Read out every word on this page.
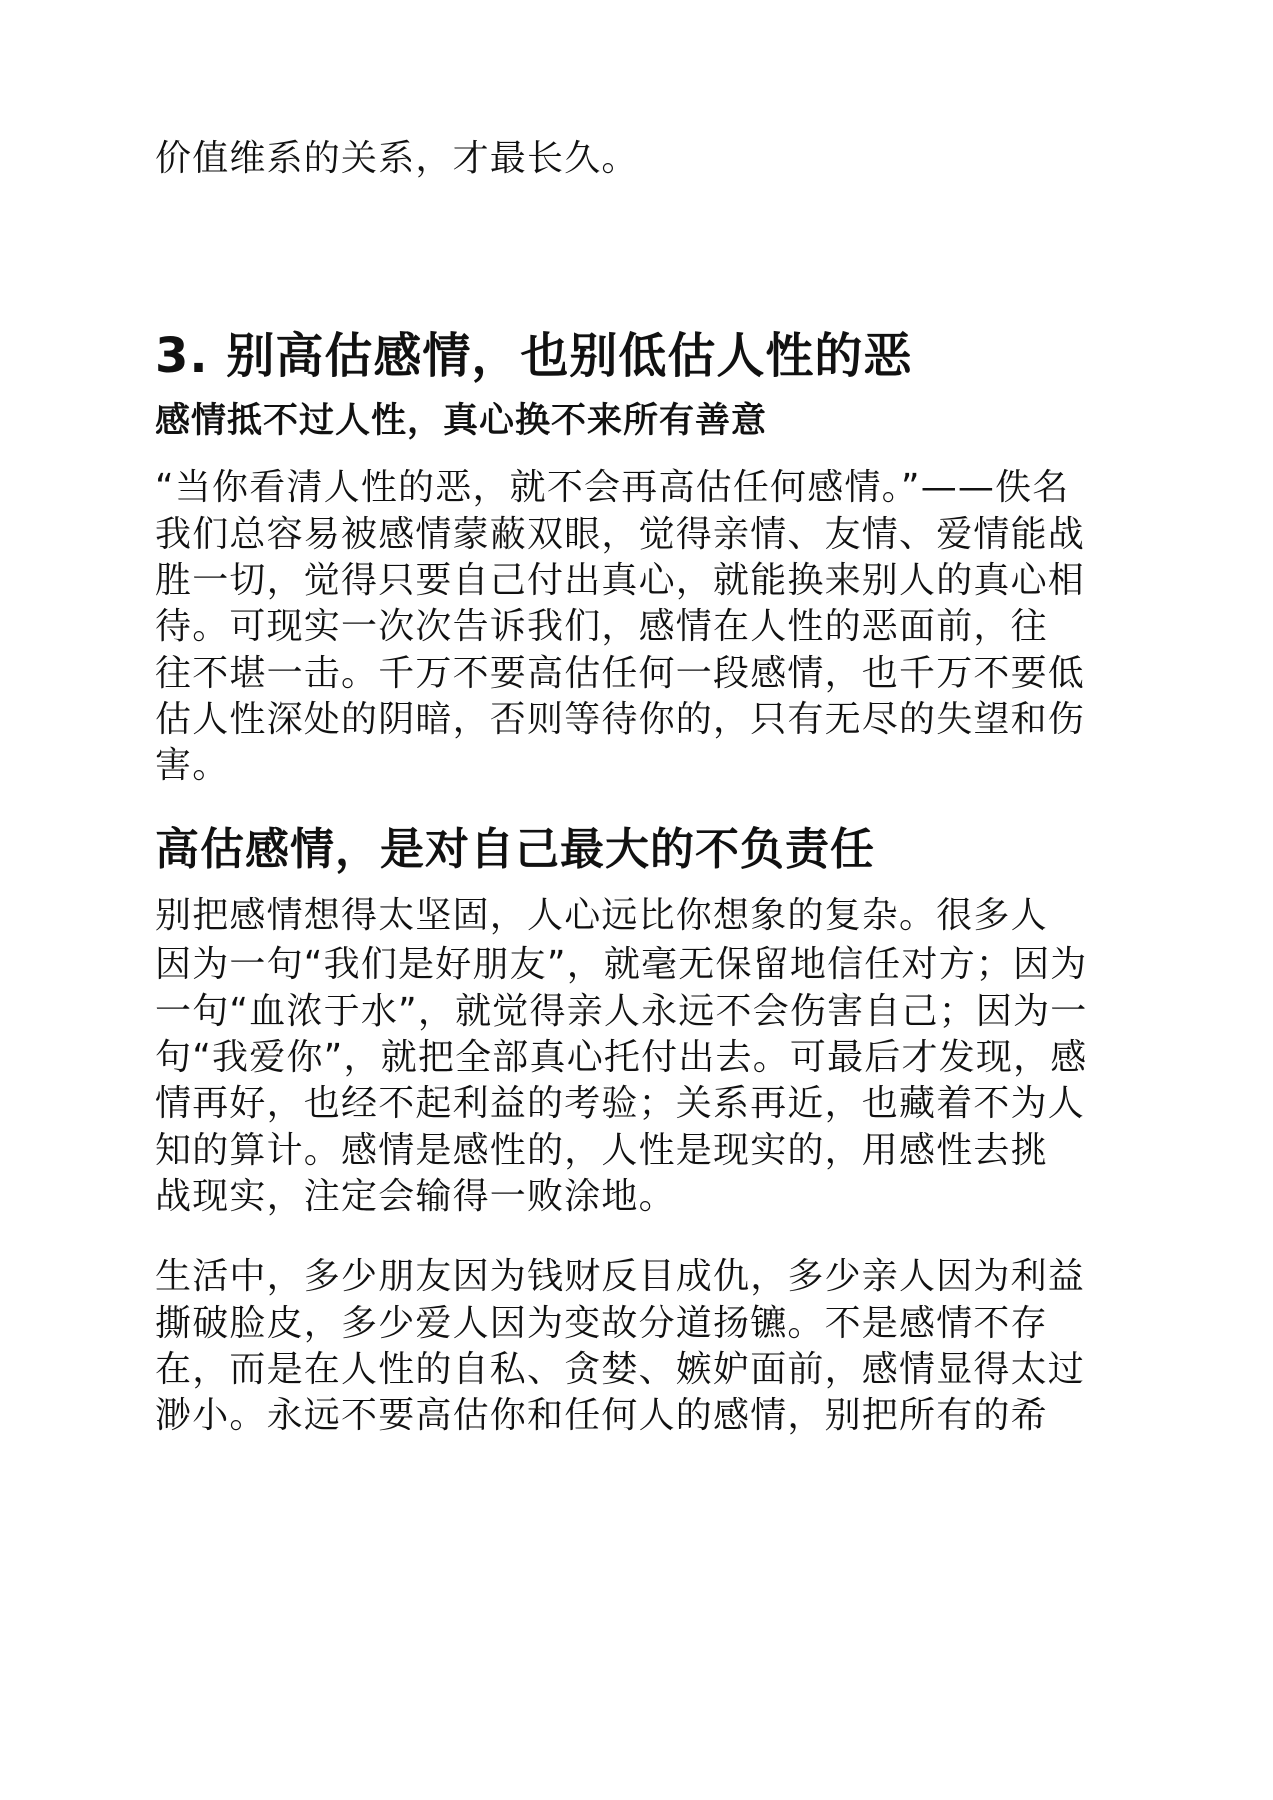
价值维系的关系，才最长久。
3. 别高估感情，也别低估人性的恶
感情抵不过人性，真心换不来所有善意
“当你看清人性的恶，就不会再高估任何感情。”——佚名
我们总容易被感情蒙蔽双眼，觉得亲情、友情、爱情能战
胜一切，觉得只要自己付出真心，就能换来别人的真心相
待。可现实一次次告诉我们，感情在人性的恶面前，往
往不堪一击。千万不要高估任何一段感情，也千万不要低
估人性深处的阴暗，否则等待你的，只有无尽的失望和伤
害。
高估感情，是对自己最大的不负责任
别把感情想得太坚固，人心远比你想象的复杂。很多人
因为一句“我们是好朋友”，就毫无保留地信任对方；因为
一句“血浓于水”，就觉得亲人永远不会伤害自己；因为一
句“我爱你”，就把全部真心托付出去。可最后才发现，感
情再好，也经不起利益的考验；关系再近，也藏着不为人
知的算计。感情是感性的，人性是现实的，用感性去挑
战现实，注定会输得一败涂地。
生活中，多少朋友因为钱财反目成仇，多少亲人因为利益
撕破脸皮，多少爱人因为变故分道扬镳。不是感情不存
在，而是在人性的自私、贪婪、嫉妒面前，感情显得太过
渺小。永远不要高估你和任何人的感情，别把所有的希
